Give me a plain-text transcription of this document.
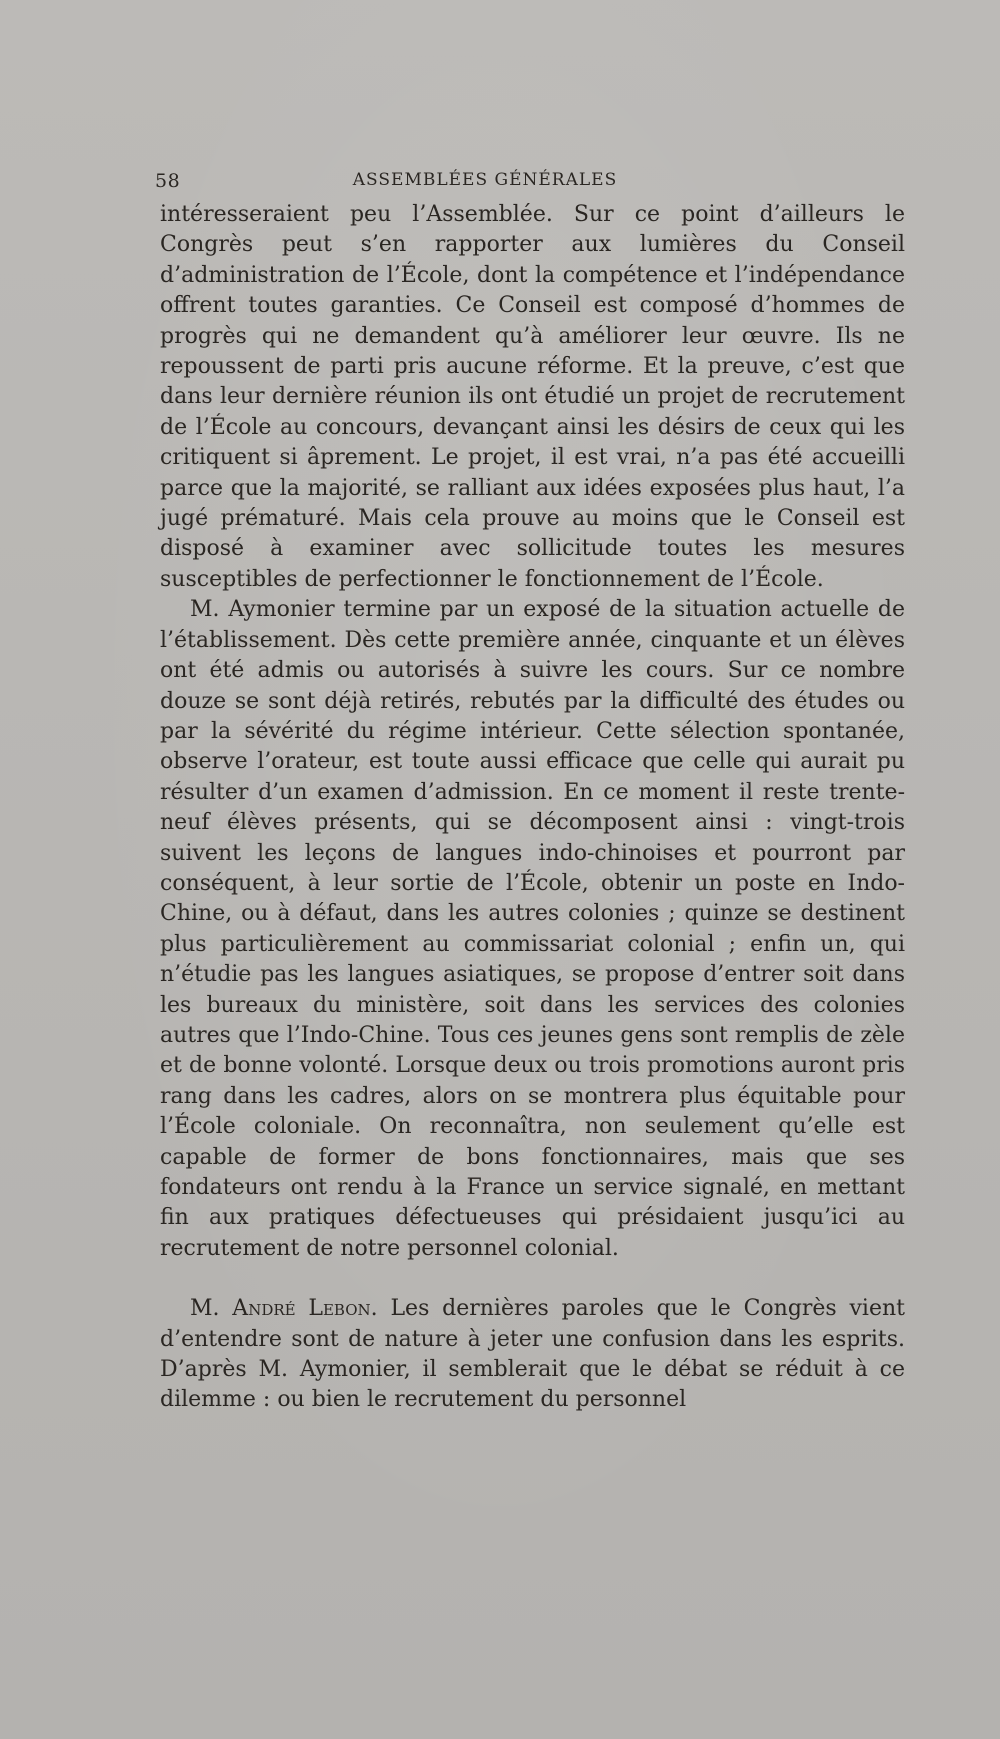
58	ASSEMBLÉES GÉNÉRALES

intéresseraient peu l’Assemblée. Sur ce point d’ailleurs le Congrès peut s’en rapporter aux lumières du Conseil d’administration de l’École, dont la compétence et l’indépendance offrent toutes garanties. Ce Conseil est composé d’hommes de progrès qui ne demandent qu’à améliorer leur œuvre. Ils ne repoussent de parti pris aucune réforme. Et la preuve, c’est que dans leur dernière réunion ils ont étudié un projet de recrutement de l’École au concours, devançant ainsi les désirs de ceux qui les critiquent si âprement. Le projet, il est vrai, n’a pas été accueilli parce que la majorité, se ralliant aux idées exposées plus haut, l’a jugé prématuré. Mais cela prouve au moins que le Conseil est disposé à examiner avec sollicitude toutes les mesures susceptibles de perfectionner le fonctionnement de l’École.

M. Aymonier termine par un exposé de la situation actuelle de l’établissement. Dès cette première année, cinquante et un élèves ont été admis ou autorisés à suivre les cours. Sur ce nombre douze se sont déjà retirés, rebutés par la difficulté des études ou par la sévérité du régime intérieur. Cette sélection spontanée, observe l’orateur, est toute aussi efficace que celle qui aurait pu résulter d’un examen d’admission. En ce moment il reste trente-neuf élèves présents, qui se décomposent ainsi : vingt-trois suivent les leçons de langues indo-chinoises et pourront par conséquent, à leur sortie de l’École, obtenir un poste en Indo-Chine, ou à défaut, dans les autres colonies ; quinze se destinent plus particulièrement au commissariat colonial ; enfin un, qui n’étudie pas les langues asiatiques, se propose d’entrer soit dans les bureaux du ministère, soit dans les services des colonies autres que l’Indo-Chine. Tous ces jeunes gens sont remplis de zèle et de bonne volonté. Lorsque deux ou trois promotions auront pris rang dans les cadres, alors on se montrera plus équitable pour l’École coloniale. On reconnaîtra, non seulement qu’elle est capable de former de bons fonctionnaires, mais que ses fondateurs ont rendu à la France un service signalé, en mettant fin aux pratiques défectueuses qui présidaient jusqu’ici au recrutement de notre personnel colonial.

M. André Lebon. Les dernières paroles que le Congrès vient d’entendre sont de nature à jeter une confusion dans les esprits. D’après M. Aymonier, il semblerait que le débat se réduit à ce dilemme : ou bien le recrutement du personnel
